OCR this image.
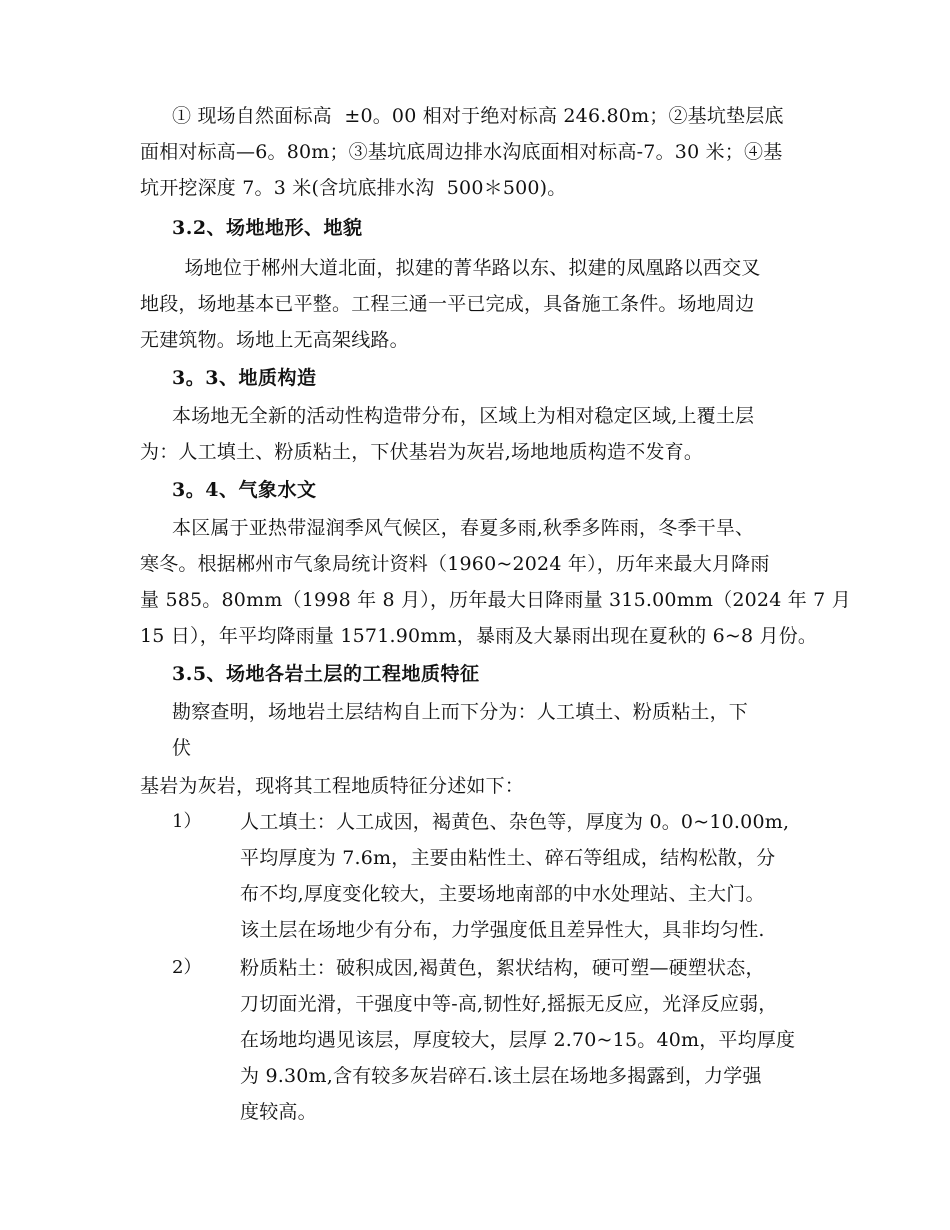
① 现场自然面标高  ±0。00 相对于绝对标高 246.80m；②基坑垫层底
面相对标高—6。80m；③基坑底周边排水沟底面相对标高-7。30 米；④基
坑开挖深度 7。3 米(含坑底排水沟  500＊500)。
3.2、场地地形、地貌
场地位于郴州大道北面，拟建的菁华路以东、拟建的凤凰路以西交叉
地段，场地基本已平整。工程三通一平已完成，具备施工条件。场地周边
无建筑物。场地上无高架线路。
3。3、地质构造
本场地无全新的活动性构造带分布，区域上为相对稳定区域,上覆土层
为：人工填土、粉质粘土，下伏基岩为灰岩,场地地质构造不发育。
3。4、气象水文
本区属于亚热带湿润季风气候区，春夏多雨,秋季多阵雨，冬季干旱、
寒冬。根据郴州市气象局统计资料（1960~2024 年），历年来最大月降雨
量 585。80mm（1998 年 8 月），历年最大日降雨量 315.00mm（2024 年 7 月
15 日），年平均降雨量 1571.90mm，暴雨及大暴雨出现在夏秋的 6~8 月份。
3.5、场地各岩土层的工程地质特征
勘察查明，场地岩土层结构自上而下分为：人工填土、粉质粘土，下
伏
基岩为灰岩，现将其工程地质特征分述如下：
1） 人工填土：人工成因，褐黄色、杂色等，厚度为 0。0~10.00m,
平均厚度为 7.6m，主要由粘性土、碎石等组成，结构松散，分
布不均,厚度变化较大，主要场地南部的中水处理站、主大门。
该土层在场地少有分布，力学强度低且差异性大，具非均匀性.
2） 粉质粘土：破积成因,褐黄色，絮状结构，硬可塑—硬塑状态，
刀切面光滑，干强度中等-高,韧性好,摇振无反应，光泽反应弱，
在场地均遇见该层，厚度较大，层厚 2.70~15。40m，平均厚度
为 9.30m,含有较多灰岩碎石.该土层在场地多揭露到，力学强
度较高。
